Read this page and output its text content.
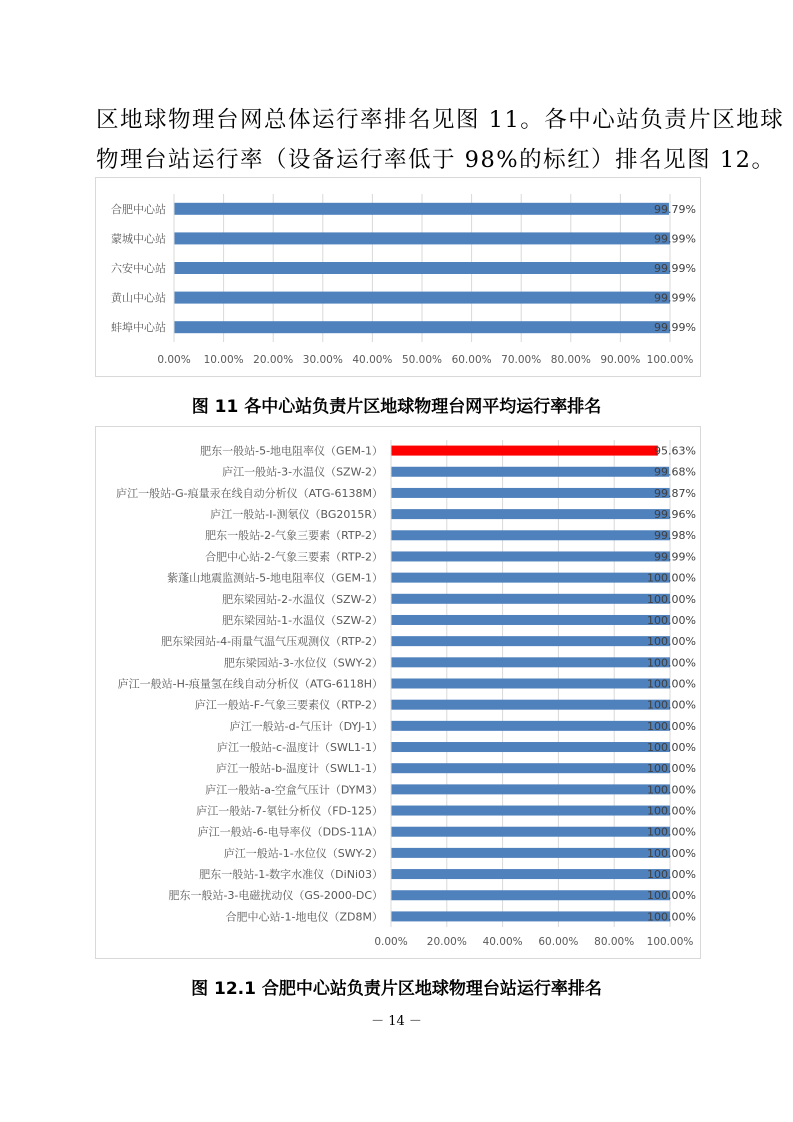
区地球物理台网总体运行率排名见图 11。各中心站负责片区地球
物理台站运行率（设备运行率低于 98%的标红）排名见图 12。
0.00% 10.00% 20.00% 30.00% 40.00% 50.00% 60.00% 70.00% 80.00% 90.00% 100.00%
合肥中心站	99.79%
蒙城中心站	99.99%
六安中心站	99.99%
黄山中心站	99.99%
蚌埠中心站	99.99%
图 11 各中心站负责片区地球物理台网平均运行率排名
0.00% 20.00% 40.00% 60.00% 80.00% 100.00%
肥东一般站-5-地电阻率仪（GEM-1）	95.63%
庐江一般站-3-水温仪（SZW-2）	99.68%
庐江一般站-G-痕量汞在线自动分析仪（ATG-6138M）	99.87%
庐江一般站-I-测氡仪（BG2015R）	99.96%
肥东一般站-2-气象三要素（RTP-2）	99.98%
合肥中心站-2-气象三要素（RTP-2）	99.99%
紫蓬山地震监测站-5-地电阻率仪（GEM-1）	100.00%
肥东梁园站-2-水温仪（SZW-2）	100.00%
肥东梁园站-1-水温仪（SZW-2）	100.00%
肥东梁园站-4-雨量气温气压观测仪（RTP-2）	100.00%
肥东梁园站-3-水位仪（SWY-2）	100.00%
庐江一般站-H-痕量氢在线自动分析仪（ATG-6118H）	100.00%
庐江一般站-F-气象三要素仪（RTP-2）	100.00%
庐江一般站-d-气压计（DYJ-1）	100.00%
庐江一般站-c-温度计（SWL1-1）	100.00%
庐江一般站-b-温度计（SWL1-1）	100.00%
庐江一般站-a-空盒气压计（DYM3）	100.00%
庐江一般站-7-氡钍分析仪（FD-125）	100.00%
庐江一般站-6-电导率仪（DDS-11A）	100.00%
庐江一般站-1-水位仪（SWY-2）	100.00%
肥东一般站-1-数字水准仪（DiNi03）	100.00%
肥东一般站-3-电磁扰动仪（GS-2000-DC）	100.00%
合肥中心站-1-地电仪（ZD8M）	100.00%
图 12.1 合肥中心站负责片区地球物理台站运行率排名
－ 14 －
